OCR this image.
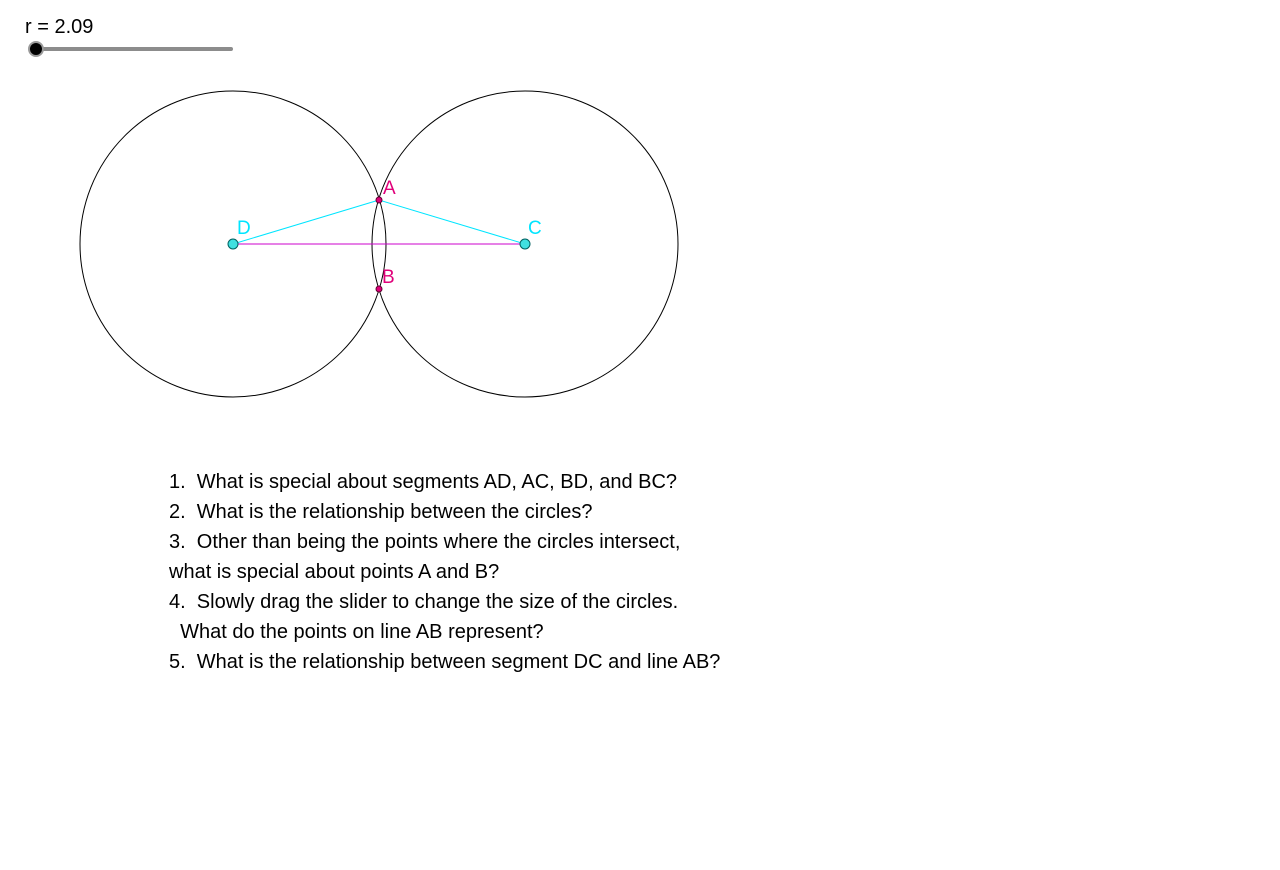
r = 2.09
A
B
C
D
1.  What is special about segments AD, AC, BD, and BC?
2.  What is the relationship between the circles?
3.  Other than being the points where the circles intersect,
what is special about points A and B?
4.  Slowly drag the slider to change the size of the circles.
What do the points on line AB represent?
5.  What is the relationship between segment DC and line AB?
